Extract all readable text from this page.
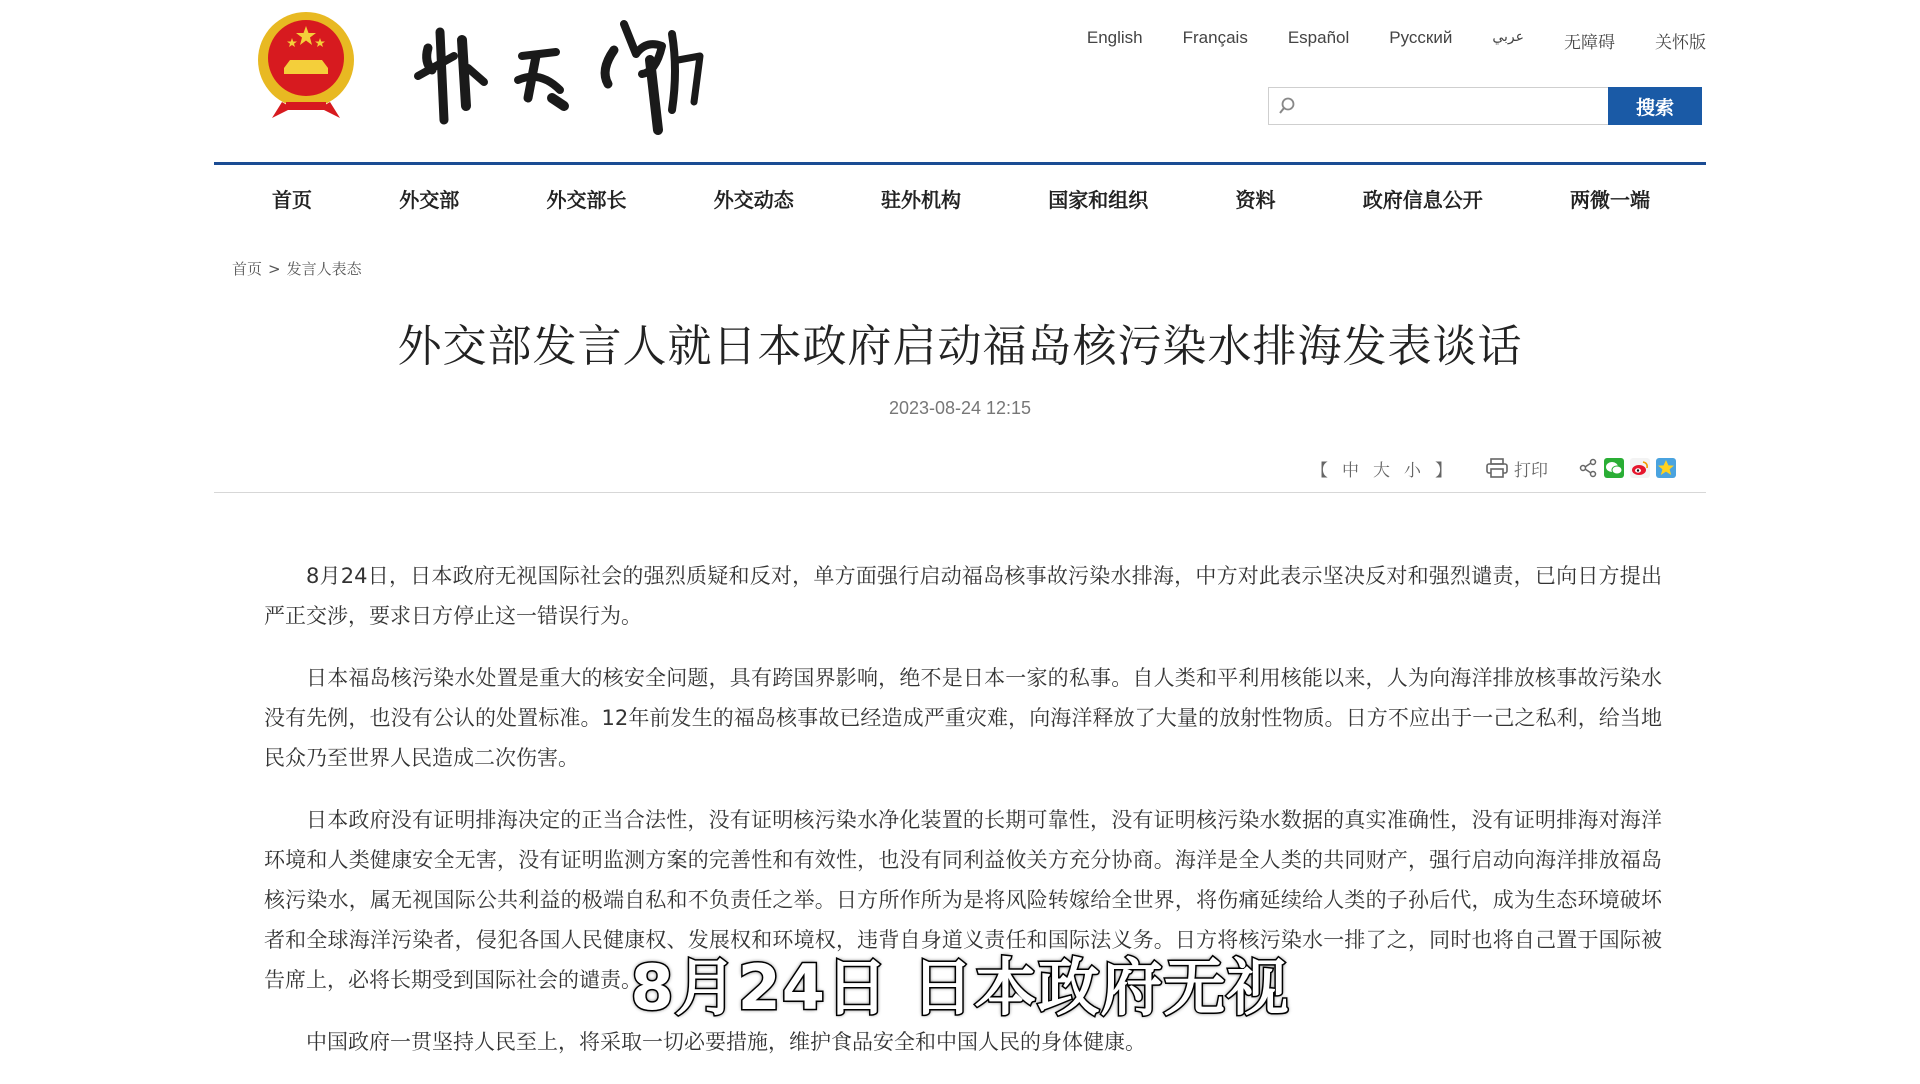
English	Français	Español	Русский	عربي	无障碍	关怀版
搜索
首页	外交部	外交部长	外交动态	驻外机构	国家和组织	资料	政府信息公开	两微一端
首页 > 发言人表态
外交部发言人就日本政府启动福岛核污染水排海发表谈话
2023-08-24 12:15
【 中 大 小 】	打印

8月24日，日本政府无视国际社会的强烈质疑和反对，单方面强行启动福岛核事故污染水排海，中方对此表示坚决反对和强烈谴责，已向日方提出严正交涉，要求日方停止这一错误行为。

日本福岛核污染水处置是重大的核安全问题，具有跨国界影响，绝不是日本一家的私事。自人类和平利用核能以来，人为向海洋排放核事故污染水没有先例，也没有公认的处置标准。12年前发生的福岛核事故已经造成严重灾难，向海洋释放了大量的放射性物质。日方不应出于一己之私利，给当地民众乃至世界人民造成二次伤害。

日本政府没有证明排海决定的正当合法性，没有证明核污染水净化装置的长期可靠性，没有证明核污染水数据的真实准确性，没有证明排海对海洋环境和人类健康安全无害，没有证明监测方案的完善性和有效性，也没有同利益攸关方充分协商。海洋是全人类的共同财产，强行启动向海洋排放福岛核污染水，属无视国际公共利益的极端自私和不负责任之举。日方所作所为是将风险转嫁给全世界，将伤痛延续给人类的子孙后代，成为生态环境破坏者和全球海洋污染者，侵犯各国人民健康权、发展权和环境权，违背自身道义责任和国际法义务。日方将核污染水一排了之，同时也将自己置于国际被告席上，必将长期受到国际社会的谴责。

中国政府一贯坚持人民至上，将采取一切必要措施，维护食品安全和中国人民的身体健康。

8月24日 日本政府无视
